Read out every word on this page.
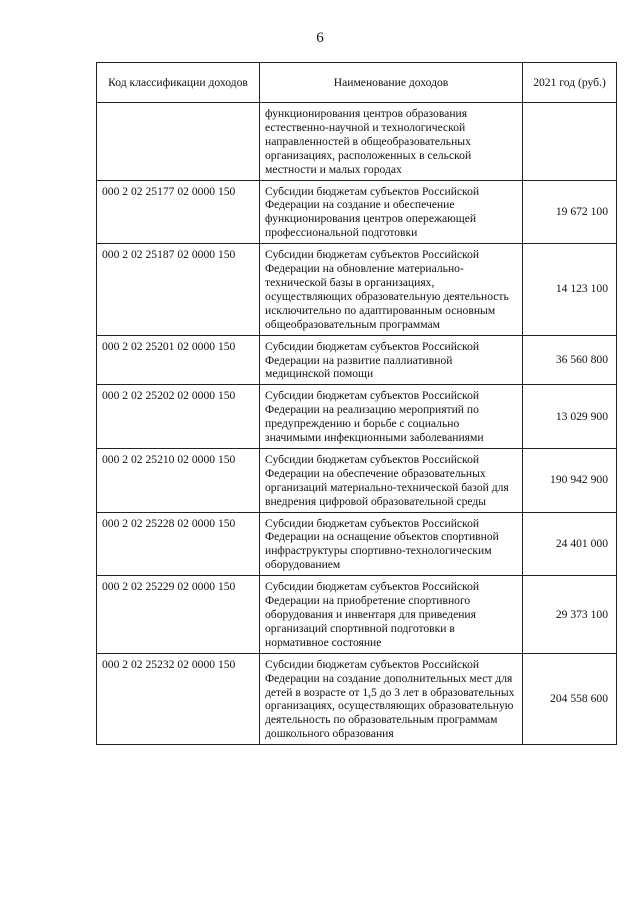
6
Код классификации доходов	Наименование доходов	2021 год (руб.)
	функционирования центров образования естественно-научной и технологической направленностей в общеобразовательных организациях, расположенных в сельской местности и малых городах	
000 2 02 25177 02 0000 150	Субсидии бюджетам субъектов Российской Федерации на создание и обеспечение функционирования центров опережающей профессиональной подготовки	19 672 100
000 2 02 25187 02 0000 150	Субсидии бюджетам субъектов Российской Федерации на обновление материально-технической базы в организациях, осуществляющих образовательную деятельность исключительно по адаптированным основным общеобразовательным программам	14 123 100
000 2 02 25201 02 0000 150	Субсидии бюджетам субъектов Российской Федерации на развитие паллиативной медицинской помощи	36 560 800
000 2 02 25202 02 0000 150	Субсидии бюджетам субъектов Российской Федерации на реализацию мероприятий по предупреждению и борьбе с социально значимыми инфекционными заболеваниями	13 029 900
000 2 02 25210 02 0000 150	Субсидии бюджетам субъектов Российской Федерации на обеспечение образовательных организаций материально-технической базой для внедрения цифровой образовательной среды	190 942 900
000 2 02 25228 02 0000 150	Субсидии бюджетам субъектов Российской Федерации на оснащение объектов спортивной инфраструктуры спортивно-технологическим оборудованием	24 401 000
000 2 02 25229 02 0000 150	Субсидии бюджетам субъектов Российской Федерации на приобретение спортивного оборудования и инвентаря для приведения организаций спортивной подготовки в нормативное состояние	29 373 100
000 2 02 25232 02 0000 150	Субсидии бюджетам субъектов Российской Федерации на создание дополнительных мест для детей в возрасте от 1,5 до 3 лет в образовательных организациях, осуществляющих образовательную деятельность по образовательным программам дошкольного образования	204 558 600
